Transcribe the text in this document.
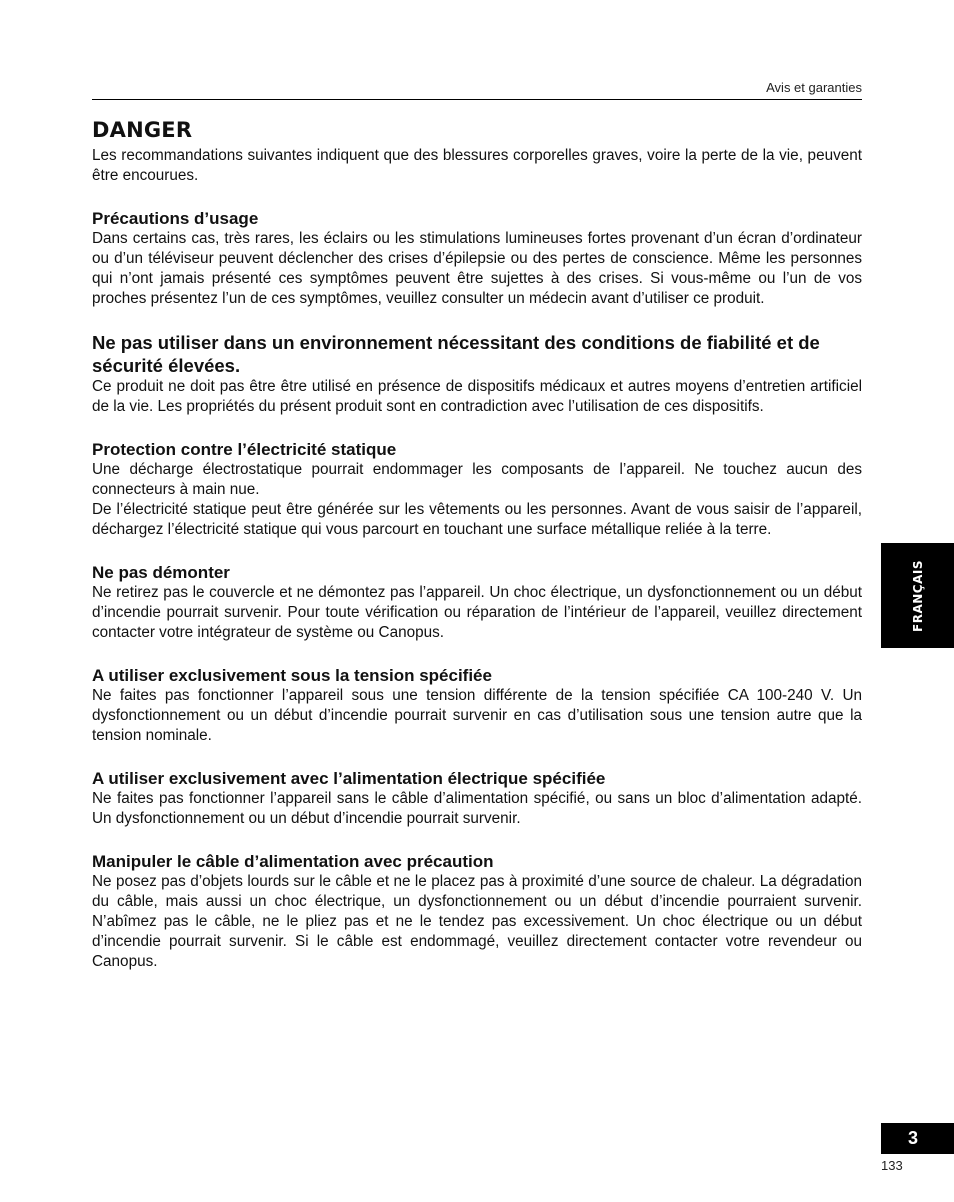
Avis et garanties
DANGER

Les recommandations suivantes indiquent que des blessures corporelles graves, voire la perte de la vie, peuvent être encourues.

Précautions d’usage

Dans certains cas, très rares, les éclairs ou les stimulations lumineuses fortes provenant d’un écran d’ordinateur ou d’un téléviseur peuvent déclencher des crises d’épilepsie ou des pertes de conscience. Même les personnes qui n’ont jamais présenté ces symptômes peuvent être sujettes à des crises. Si vous-même ou l’un de vos proches présentez l’un de ces symptômes, veuillez consulter un médecin avant d’utiliser ce produit.

Ne pas utiliser dans un environnement nécessitant des conditions de fiabilité et de sécurité élevées.

Ce produit ne doit pas être être utilisé en présence de dispositifs médicaux et autres moyens d’entretien artificiel de la vie. Les propriétés du présent produit sont en contradiction avec l’utilisation de ces dispositifs.

Protection contre l’électricité statique

Une décharge électrostatique pourrait endommager les composants de l’appareil. Ne touchez aucun des connecteurs à main nue.

De l’électricité statique peut être générée sur les vêtements ou les personnes. Avant de vous saisir de l’appareil, déchargez l’électricité statique qui vous parcourt en touchant une surface métallique reliée à la terre.

Ne pas démonter

Ne retirez pas le couvercle et ne démontez pas l’appareil. Un choc électrique, un dysfonctionnement ou un début d’incendie pourrait survenir. Pour toute vérification ou réparation de l’intérieur de l’appareil, veuillez directement contacter votre intégrateur de système ou Canopus.

A utiliser exclusivement sous la tension spécifiée

Ne faites pas fonctionner l’appareil sous une tension différente de la tension spécifiée CA 100-240 V. Un dysfonctionnement ou un début d’incendie pourrait survenir en cas d’utilisation sous une tension autre que la tension nominale.

A utiliser exclusivement avec l’alimentation électrique spécifiée

Ne faites pas fonctionner l’appareil sans le câble d’alimentation spécifié, ou sans un bloc d’alimentation adapté. Un dysfonctionnement ou un début d’incendie pourrait survenir.

Manipuler le câble d’alimentation avec précaution

Ne posez pas d’objets lourds sur le câble et ne le placez pas à proximité d’une source de chaleur. La dégradation du câble, mais aussi un choc électrique, un dysfonctionnement ou un début d’incendie pourraient survenir. N’abîmez pas le câble, ne le pliez pas et ne le tendez pas excessivement. Un choc électrique ou un début d’incendie pourrait survenir. Si le câble est endommagé, veuillez directement contacter votre revendeur ou Canopus.

FRANÇAIS
3
133
